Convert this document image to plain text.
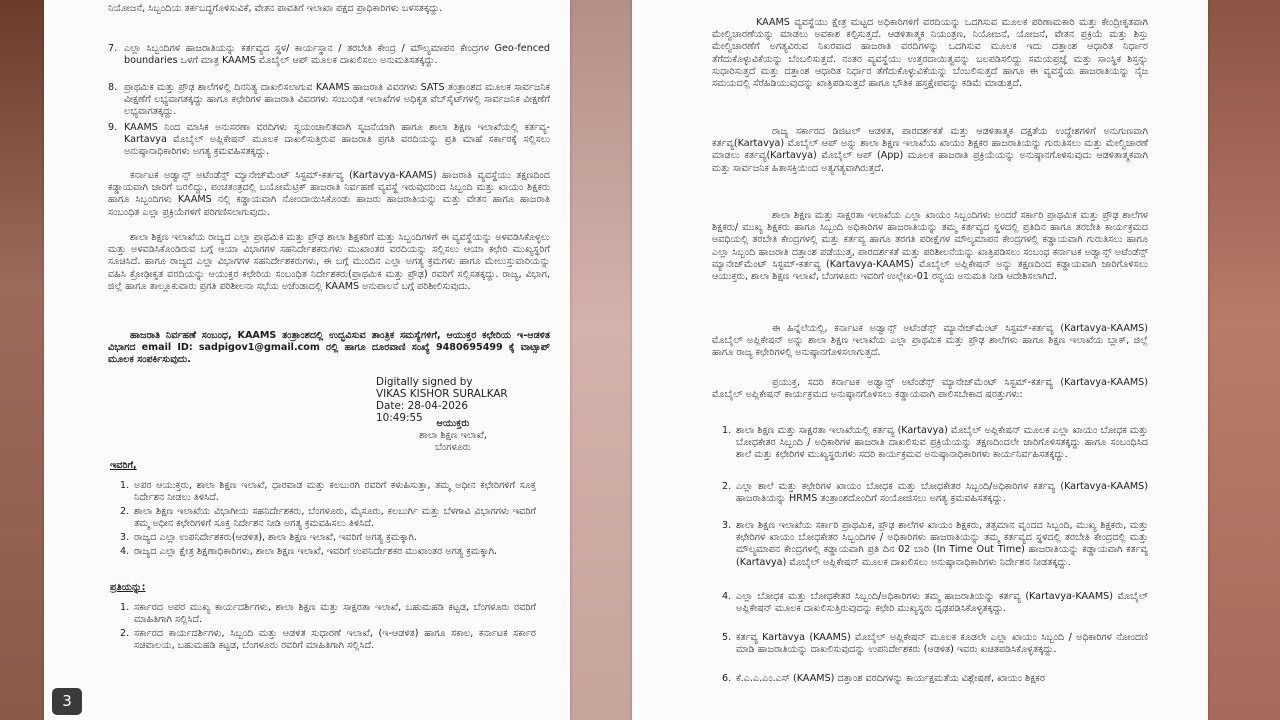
ನಿಯೋಜನೆ, ಸಿಬ್ಬಂದಿಯ ತರ್ಕಬದ್ಧಗೊಳಿಸುವಿಕೆ, ವೇತನ ಪಾವತಿಗೆ ಇಲಾಖಾ ಪಕ್ಷದ ಪ್ರಾಧಿಕಾರಿಗಳು ಬಳಸತಕ್ಕದ್ದು.
7. ಎಲ್ಲಾ ಸಿಬ್ಬಂದಿಗಳ ಹಾಜರಾತಿಯನ್ನು ಕರ್ತವ್ಯದ ಸ್ಥಳ/ ಕಾರ್ಯಸ್ಥಾನ / ತರಬೇತಿ ಕೇಂದ್ರ / ಮೌಲ್ಯಮಾಪನ ಕೇಂದ್ರಗಳ Geo-fenced boundaries ಒಳಗೆ ಮಾತ್ರ KAAMS ಮೊಬೈಲ್ ಆಪ್ ಮೂಲಕ ದಾಖಲಿಸಲು ಅನುಮತಿಸತಕ್ಕದ್ದು.
8. ಪ್ರಾಥಮಿಕ ಮತ್ತು ಪ್ರೌಢ ಶಾಲೆಗಳಲ್ಲಿ ದಿನನಿತ್ಯ ದಾಖಲಿಸಲಾಗುವ KAAMS ಹಾಜರಾತಿ ವಿವರಗಳು SATS ತಂತ್ರಾಂಶದ ಮೂಲಕ ಸಾರ್ವಜನಿಕ ವೀಕ್ಷಣೆಗೆ ಲಭ್ಯವಾಗತಕ್ಕದ್ದು ಹಾಗೂ ಕಛೇರಿಗಳ ಹಾಜರಾತಿ ವಿವರಗಳು ಸಂಬಂಧಿತ ಇಲಾಖೆಗಳ ಅಧಿಕೃತ ವೆಬ್‌ಸೈಟ್‌ಗಳಲ್ಲಿ ಸಾರ್ವಜನಿಕ ವೀಕ್ಷಣೆಗೆ ಲಭ್ಯವಾಗತಕ್ಕದ್ದು.
9. KAAMS ನಿಂದ ಮಾಸಿಕ ಅನುಸರಣಾ ವರದಿಗಳು ಸ್ವಯಂಚಾಲಿತವಾಗಿ ಸೃಜನೆಯಾಗಿ ಹಾಗೂ ಶಾಲಾ ಶಿಕ್ಷಣ ಇಲಾಖೆಯಲ್ಲಿ ಕರ್ತವ್ಯ-Kartavya ಮೊಬೈಲ್ ಅಪ್ಲಿಕೇಷನ್ ಮೂಲಕ ದಾಖಲಿಸುತ್ತಿರುವ ಹಾಜರಾತಿ ಪ್ರಗತಿ ವರದಿಯನ್ನು ಪ್ರತಿ ಮಾಹೆ ಸರ್ಕಾರಕ್ಕೆ ಸಲ್ಲಿಸಲು ಅನುಷ್ಠಾನಾಧಿಕಾರಿಗಳು ಅಗತ್ಯ ಕ್ರಮವಹಿಸತಕ್ಕದ್ದು.
ಕರ್ನಾಟಕ ಅಡ್ವಾನ್ಸ್ ಅಟೆಂಡೆನ್ಸ್ ಮ್ಯಾನೇಜ್‌ಮೆಂಟ್ ಸಿಸ್ಟಮ್-ಕರ್ತವ್ಯ (Kartavya-KAAMS) ಹಾಜರಾತಿ ವ್ಯವಸ್ಥೆಯು ತಕ್ಷಣದಿಂದ ಕಡ್ಡಾಯವಾಗಿ ಜಾರಿಗೆ ಬರಲಿದ್ದು, ಪಂಚತಂತ್ರದಲ್ಲಿ ಬಯೋಮೆಟ್ರಿಕ್ ಹಾಜರಾತಿ ನಿರ್ವಹಣೆ ವ್ಯವಸ್ಥೆ ಇರುವುದರಿಂದ ಸಿಬ್ಬಂದಿ ಮತ್ತು ಖಾಯಂ ಶಿಕ್ಷಕರು ಹಾಗೂ ಸಿಬ್ಬಂದಿಗಳು KAAMS ನಲ್ಲಿ ಕಡ್ಡಾಯವಾಗಿ ನೋಂದಾಯಿಸಿಕೊಂಡು ಹಾಜರು ಹಾಜರಾತಿಯನ್ನು ಮತ್ತು ವೇತನ ಹಾಗೂ ಹಾಜರಾತಿ ಸಂಬಂಧಿತ ಎಲ್ಲಾ ಪ್ರಕ್ರಿಯೆಗಳಿಗೆ ಪರಿಗಣಿಸಲಾಗುವುದು.
ಶಾಲಾ ಶಿಕ್ಷಣ ಇಲಾಖೆಯ ರಾಜ್ಯದ ಎಲ್ಲಾ ಪ್ರಾಥಮಿಕ ಮತ್ತು ಪ್ರೌಢ ಶಾಲಾ ಶಿಕ್ಷಕರಿಗೆ ಮತ್ತು ಸಿಬ್ಬಂದಿಗಳಿಗೆ ಈ ವ್ಯವಸ್ಥೆಯನ್ನು ಅಳವಡಿಸಿಕೊಳ್ಳಲು ಮತ್ತು ಅಳವಡಿಸಿಕೊಂಡಿರುವ ಬಗ್ಗೆ ಆಯಾ ವಿಭಾಗಗಳ ಸಹನಿರ್ದೇಶಕರುಗಳು ಮುಖಾಂತರ ವರದಿಯನ್ನು ಸಲ್ಲಿಸಲು ಆಯಾ ಕಛೇರಿ ಮುಖ್ಯಸ್ಥರಿಗೆ ಸೂಚಿಸಿದೆ. ಹಾಗೂ ರಾಜ್ಯದ ಎಲ್ಲಾ ವಿಭಾಗಗಳ ಸಹನಿರ್ದೇಶಕರುಗಳು, ಈ ಬಗ್ಗೆ ಮುಂದಿನ ಎಲ್ಲಾ ಅಗತ್ಯ ಕ್ರಮಗಳು ಹಾಗೂ ಮೇಲುಸ್ತುವಾರಿಯನ್ನು ವಹಿಸಿ ಕ್ರೋಢೀಕೃತ ವರದಿಯನ್ನು ಆಯುಕ್ತರ ಕಛೇರಿಯ ಸಂಬಂಧಿತ ನಿರ್ದೇಶಕರು(ಪ್ರಾಥಮಿಕ ಮತ್ತು ಪ್ರೌಢ) ರವರಿಗೆ ಸಲ್ಲಿಸತಕ್ಕದ್ದು. ರಾಜ್ಯ, ವಿಭಾಗ, ಜಿಲ್ಲೆ ಹಾಗೂ ತಾಲ್ಲೂಕುವಾರು ಪ್ರಗತಿ ಪರಿಶೀಲನಾ ಸಭೆಯ ಅಜೆಂಡಾದಲ್ಲಿ KAAMS ಅನುಪಾಲನೆ ಬಗ್ಗೆ ಪರಿಶೀಲಿಸುವುದು.
ಹಾಜರಾತಿ ನಿರ್ವಹಣೆ ಸಂಬಂಧ, KAAMS ತಂತ್ರಾಂಶದಲ್ಲಿ ಉದ್ಭವಿಸುವ ತಾಂತ್ರಿಕ ಸಮಸ್ಯೆಗಳಿಗೆ, ಆಯುಕ್ತರ ಕಛೇರಿಯ ಇ-ಆಡಳಿತ ವಿಭಾಗದ email ID: sadpigov1@gmail.com ರಲ್ಲಿ ಹಾಗೂ ದೂರವಾಣಿ ಸಂಖ್ಯೆ 9480695499 ಕ್ಕೆ ವಾಟ್ಸಾಪ್ ಮೂಲಕ ಸಂಪರ್ಕಿಸುವುದು.
Digitally signed by
VIKAS KISHOR SURALKAR
Date: 28-04-2026
10:49:55	ಆಯುಕ್ತರು
ಶಾಲಾ ಶಿಕ್ಷಣ ಇಲಾಖೆ,
ಬೆಂಗಳೂರು
ಇವರಿಗೆ,
1. ಅಪರ ಆಯುಕ್ತರು, ಶಾಲಾ ಶಿಕ್ಷಣ ಇಲಾಖೆ, ಧಾರವಾಡ ಮತ್ತು ಕಲಬುರಗಿ ರವರಿಗೆ ಕಳುಹಿಸುತ್ತಾ, ತಮ್ಮ ಅಧೀನ ಕಛೇರಿಗಳಿಗೆ ಸೂಕ್ತ ನಿರ್ದೇಶನ ನೀಡಲು ತಿಳಿಸಿದೆ.
2. ಶಾಲಾ ಶಿಕ್ಷಣ ಇಲಾಖೆಯ ವಿಭಾಗೀಯ ಸಹನಿರ್ದೇಶಕರು, ಬೆಂಗಳೂರು, ಮೈಸೂರು, ಕಲಬುರ್ಗಿ ಮತ್ತು ಬೆಳಗಾವಿ ವಿಭಾಗಗಳು ಇವರಿಗೆ ತಮ್ಮ ಅಧೀನ ಕಛೇರಿಗಳಿಗೆ ಸೂಕ್ತ ನಿರ್ದೇಶನ ನೀಡಿ ಅಗತ್ಯ ಕ್ರಮವಹಿಸಲು ತಿಳಿಸಿದೆ.
3. ರಾಜ್ಯದ ಎಲ್ಲಾ ಉಪನಿರ್ದೇಶಕರು(ಆಡಳಿತ), ಶಾಲಾ ಶಿಕ್ಷಣ ಇಲಾಖೆ, ಇವರಿಗೆ ಅಗತ್ಯ ಕ್ರಮಕ್ಕಾಗಿ.
4. ರಾಜ್ಯದ ಎಲ್ಲಾ ಕ್ಷೇತ್ರ ಶಿಕ್ಷಣಾಧಿಕಾರಿಗಳು, ಶಾಲಾ ಶಿಕ್ಷಣ ಇಲಾಖೆ, ಇವರಿಗೆ ಉಪನಿರ್ದೇಶಕರ ಮುಖಾಂತರ ಅಗತ್ಯ ಕ್ರಮಕ್ಕಾಗಿ.
ಪ್ರತಿಯನ್ನು:
1. ಸರ್ಕಾರದ ಅಪರ ಮುಖ್ಯ ಕಾರ್ಯದರ್ಶಿಗಳು, ಶಾಲಾ ಶಿಕ್ಷಣ ಮತ್ತು ಸಾಕ್ಷರತಾ ಇಲಾಖೆ, ಬಹುಮಹಡಿ ಕಟ್ಟಡ, ಬೆಂಗಳೂರು ರವರಿಗೆ ಮಾಹಿತಿಗಾಗಿ ಸಲ್ಲಿಸಿದೆ.
2. ಸರ್ಕಾರದ ಕಾರ್ಯದರ್ಶಿಗಳು, ಸಿಬ್ಬಂದಿ ಮತ್ತು ಆಡಳಿತ ಸುಧಾರಣೆ ಇಲಾಖೆ, (ಇ-ಆಡಳಿತ) ಹಾಗೂ ಸಕಾಲ, ಕರ್ನಾಟಕ ಸರ್ಕಾರ ಸಚಿವಾಲಯ, ಬಹುಮಹಡಿ ಕಟ್ಟಡ, ಬೆಂಗಳೂರು ರವರಿಗೆ ಮಾಹಿತಿಗಾಗಿ ಸಲ್ಲಿಸಿದೆ.
KAAMS ವ್ಯವಸ್ಥೆಯು ಕ್ಷೇತ್ರ ಮಟ್ಟದ ಅಧಿಕಾರಿಗಳಿಗೆ ವರದಿಯನ್ನು ಒದಗಿಸುವ ಮೂಲಕ ಪರಿಣಾಮಕಾರಿ ಮತ್ತು ಕೇಂದ್ರೀಕೃತವಾಗಿ ಮೇಲ್ವಿಚಾರಣೆಯನ್ನು ಮಾಡಲು ಅವಕಾಶ ಕಲ್ಪಿಸುತ್ತದೆ. ಆಡಳಿತಾತ್ಮಕ ನಿಯಂತ್ರಣ, ನಿಯೋಜನೆ, ಯೋಜನೆ, ವೇತನ ಪ್ರಕ್ರಿಯೆ ಮತ್ತು ಶಿಸ್ತು ಮೇಲ್ವಿಚಾರಣೆಗೆ ಅಗತ್ಯವಿರುವ ನಿಖರವಾದ ಹಾಜರಾತಿ ವರದಿಗಳನ್ನು ಒದಗಿಸುವ ಮೂಲಕ ಇದು ದತ್ತಾಂಶ ಆಧಾರಿತ ನಿರ್ಧಾರ ತೆಗೆದುಕೊಳ್ಳುವಿಕೆಯನ್ನು ಬೆಂಬಲಿಸುತ್ತದೆ. ನಂತರ ವ್ಯವಸ್ಥೆಯು ಉತ್ತರದಾಯಿತ್ವವನ್ನು ಬಲಪಡಿಸಲಿದ್ದು ಸಮಯಪ್ರಜ್ಞೆ ಮತ್ತು ಸಾಂಸ್ಥಿಕ ಶಿಸ್ತನ್ನು ಸುಧಾರಿಸುತ್ತದೆ ಮತ್ತು ದತ್ತಾಂಶ ಆಧಾರಿತ ನಿರ್ಧಾರ ತೆಗೆದುಕೊಳ್ಳುವಿಕೆಯನ್ನು ಬೆಂಬಲಿಸುತ್ತದೆ ಹಾಗೂ ಈ ವ್ಯವಸ್ಥೆಯ ಹಾಜರಾತಿಯನ್ನು ನೈಜ ಸಮಯದಲ್ಲಿ ಸೆರೆಹಿಡಿಯುವುದನ್ನು ಖಾತ್ರಿಪಡಿಸುತ್ತದೆ ಹಾಗೂ ಭೌತಿಕ ಹಸ್ತಕ್ಷೇಪವನ್ನು ಕಡಿಮೆ ಮಾಡುತ್ತದೆ.
ರಾಜ್ಯ ಸರ್ಕಾರದ ಡಿಜಿಟಲ್ ಆಡಳಿತ, ಪಾರದರ್ಶಕತೆ ಮತ್ತು ಆಡಳಿತಾತ್ಮಕ ದಕ್ಷತೆಯ ಉದ್ದೇಶಗಳಿಗೆ ಅನುಗುಣವಾಗಿ ಕರ್ತವ್ಯ(Kartavya) ಮೊಬೈಲ್ ಆಪ್ ಅನ್ನು ಶಾಲಾ ಶಿಕ್ಷಣ ಇಲಾಖೆಯ ಖಾಯಂ ಶಿಕ್ಷಕರ ಹಾಜರಾತಿಯನ್ನು ಗುರುತಿಸಲು ಮತ್ತು ಮೇಲ್ವಿಚಾರಣೆ ಮಾಡಲು ಕರ್ತವ್ಯ(Kartavya) ಮೊಬೈಲ್ ಆಪ್ (App) ಮೂಲಕ ಹಾಜರಾತಿ ಪ್ರಕ್ರಿಯೆಯನ್ನು ಅನುಷ್ಠಾನಗೊಳಿಸುವುದು ಆಡಳಿತಾತ್ಮಕವಾಗಿ ಮತ್ತು ಸಾರ್ವಜನಿಕ ಹಿತಾಸಕ್ತಿಯಿಂದ ಅತ್ಯಗತ್ಯವಾಗಿರುತ್ತದೆ.
ಶಾಲಾ ಶಿಕ್ಷಣ ಮತ್ತು ಸಾಕ್ಷರತಾ ಇಲಾಖೆಯ ಎಲ್ಲಾ ಖಾಯಂ ಸಿಬ್ಬಂದಿಗಳು ಅಂದರೆ ಸರ್ಕಾರಿ ಪ್ರಾಥಮಿಕ ಮತ್ತು ಪ್ರೌಢ ಶಾಲೆಗಳ ಶಿಕ್ಷಕರು/ ಮುಖ್ಯ ಶಿಕ್ಷಕರು ಹಾಗೂ ಸಿಬ್ಬಂದಿ ಅಧಿಕಾರಿಗಳ ಹಾಜರಾತಿಯನ್ನು ತಮ್ಮ ಕರ್ತವ್ಯದ ಸ್ಥಳದಲ್ಲಿ ಪ್ರತಿದಿನ ಹಾಗೂ ತರಬೇತಿ ಕಾರ್ಯಕ್ರಮದ ಅವಧಿಯಲ್ಲಿ ತರಬೇತಿ ಕೇಂದ್ರಗಳಲ್ಲಿ ಮತ್ತು ಕರ್ತವ್ಯ ಹಾಗೂ ತರಗತಿ ಪರೀಕ್ಷೆಗಳ ಮೌಲ್ಯಮಾಪನ ಕೇಂದ್ರಗಳಲ್ಲಿ ಕಡ್ಡಾಯವಾಗಿ ಗುರುತಿಸಲು ಹಾಗೂ ಎಲ್ಲಾ ಸಿಬ್ಬಂದಿ ಹಾಜರಾತಿ ದತ್ತಾಂಶ ಪಡೆಯುತ್ತ, ಪಾರದರ್ಶಕತೆ ಮತ್ತು ಪರಿಶೀಲನೆಯನ್ನು ಖಾತ್ರಿಪಡಿಸಲು ಸಂಬಂಧ ಕರ್ನಾಟಕ ಅಡ್ವಾನ್ಸ್ ಅಟೆಂಡೆನ್ಸ್ ಮ್ಯಾನೇಜ್‌ಮೆಂಟ್ ಸಿಸ್ಟಮ್-ಕರ್ತವ್ಯ (Kartavya-KAAMS) ಮೊಬೈಲ್ ಅಪ್ಲಿಕೇಷನ್ ಅನ್ನು ತಕ್ಷಣದಿಂದ ಕಡ್ಡಾಯವಾಗಿ ಜಾರಿಗೊಳಿಸಲು ಆಯುಕ್ತರು, ಶಾಲಾ ಶಿಕ್ಷಣ ಇಲಾಖೆ, ಬೆಂಗಳೂರು ಇವರಿಗೆ ಉಲ್ಲೇಖ-01 ರನ್ವಯ ಅನುಮತಿ ನೀಡಿ ಆದೇಶಿಸಲಾಗಿದೆ.
ಈ ಹಿನ್ನೆಲೆಯಲ್ಲಿ, ಕರ್ನಾಟಕ ಅಡ್ವಾನ್ಸ್ ಅಟೆಂಡೆನ್ಸ್ ಮ್ಯಾನೇಜ್‌ಮೆಂಟ್ ಸಿಸ್ಟಮ್-ಕರ್ತವ್ಯ (Kartavya-KAAMS) ಮೊಬೈಲ್ ಅಪ್ಲಿಕೇಷನ್ ಅನ್ನು ಶಾಲಾ ಶಿಕ್ಷಣ ಇಲಾಖೆಯ ಎಲ್ಲಾ ಪ್ರಾಥಮಿಕ ಮತ್ತು ಪ್ರೌಢ ಶಾಲೆಗಳು ಹಾಗೂ ಶಿಕ್ಷಣ ಇಲಾಖೆಯ ಬ್ಲಾಕ್, ಜಿಲ್ಲೆ ಹಾಗೂ ರಾಜ್ಯ ಕಛೇರಿಗಳಲ್ಲಿ ಅನುಷ್ಠಾನಗೊಳಿಸಲಾಗುತ್ತದೆ.
ಪ್ರಯುಕ್ತ, ಸದರಿ ಕರ್ನಾಟಕ ಅಡ್ವಾನ್ಸ್ ಅಟೆಂಡೆನ್ಸ್ ಮ್ಯಾನೇಜ್‌ಮೆಂಟ್ ಸಿಸ್ಟಮ್-ಕರ್ತವ್ಯ (Kartavya-KAAMS) ಮೊಬೈಲ್ ಅಪ್ಲಿಕೇಷನ್ ಕಾರ್ಯಕ್ರಮದ ಅನುಷ್ಠಾನಗೊಳಿಸಲು ಕಡ್ಡಾಯವಾಗಿ ಪಾಲಿಸಬೇಕಾದ ಷರತ್ತುಗಳು:
1. ಶಾಲಾ ಶಿಕ್ಷಣ ಮತ್ತು ಸಾಕ್ಷರತಾ ಇಲಾಖೆಯಲ್ಲಿ ಕರ್ತವ್ಯ (Kartavya) ಮೊಬೈಲ್ ಅಪ್ಲಿಕೇಷನ್ ಮೂಲಕ ಎಲ್ಲಾ ಖಾಯಂ ಬೋಧಕ ಮತ್ತು ಬೋಧಕೇತರ ಸಿಬ್ಬಂದಿ / ಅಧಿಕಾರಿಗಳ ಹಾಜರಾತಿ ದಾಖಲಿಸುವ ಪ್ರಕ್ರಿಯೆಯನ್ನು ತಕ್ಷಣದಿಂದಲೇ ಜಾರಿಗೊಳಿಸತಕ್ಕದ್ದು ಹಾಗೂ ಸಂಬಂಧಿಸಿದ ಶಾಲೆ ಮತ್ತು ಕಛೇರಿಗಳ ಮುಖ್ಯಸ್ಥರುಗಳು ಸದರಿ ಕಾರ್ಯಕ್ರಮವ ಅನುಷ್ಠಾನಾಧಿಕಾರಿಗಳು ಕಾರ್ಯನಿರ್ವಹಿಸತಕ್ಕದ್ದು.
2. ಎಲ್ಲಾ ಶಾಲೆ ಮತ್ತು ಕಛೇರಿಗಳ ಖಾಯಂ ಬೋಧಕ ಮತ್ತು ಬೋಧಕೇತರ ಸಿಬ್ಬಂದಿ/ಅಧಿಕಾರಿಗಳ ಕರ್ತವ್ಯ (Kartavya-KAAMS) ಹಾಜರಾತಿಯನ್ನು HRMS ತಂತ್ರಾಂಶದೊಂದಿಗೆ ಸಂಯೋಜಿಸಲು ಅಗತ್ಯ ಕ್ರಮವಹಿಸತಕ್ಕದ್ದು.
3. ಶಾಲಾ ಶಿಕ್ಷಣ ಇಲಾಖೆಯ ಸರ್ಕಾರಿ ಪ್ರಾಥಮಿಕ, ಪ್ರೌಢ ಶಾಲೆಗಳ ಖಾಯಂ ಶಿಕ್ಷಕರು, ತತ್ಸಮಾನ ವೃಂದದ ಸಿಬ್ಬಂದಿ, ಮುಖ್ಯ ಶಿಕ್ಷಕರು, ಮತ್ತು ಕಛೇರಿಗಳ ಖಾಯಂ ಬೋಧಕೇತರ ಸಿಬ್ಬಂದಿಗಳ / ಅಧಿಕಾರಿಗಳು ಹಾಜರಾತಿಯನ್ನು ತಮ್ಮ ಕರ್ತವ್ಯದ ಸ್ಥಳದಲ್ಲಿ ತರಬೇತಿ ಕೇಂದ್ರದಲ್ಲಿ ಮತ್ತು ಮೌಲ್ಯಮಾಪನ ಕೇಂದ್ರಗಳಲ್ಲಿ ಕಡ್ಡಾಯವಾಗಿ ಪ್ರತಿ ದಿನ 02 ಬಾರಿ (In Time Out Time) ಹಾಜರಾತಿಯನ್ನು ಕಡ್ಡಾಯವಾಗಿ ಕರ್ತವ್ಯ (Kartavya) ಮೊಬೈಲ್ ಅಪ್ಲಿಕೇಷನ್ ಮೂಲಕ ದಾಖಲಿಸಲು ಅನುಷ್ಠಾನಾಧಿಕಾರಿಗಳು ನಿರ್ದೇಶನ ನೀಡತಕ್ಕದ್ದು.
4. ಎಲ್ಲಾ ಬೋಧಕ ಮತ್ತು ಬೋಧಕೇತರ ಸಿಬ್ಬಂದಿ/ಅಧಿಕಾರಿಗಳು ತಮ್ಮ ಹಾಜರಾತಿಯನ್ನು ಕರ್ತವ್ಯ (Kartavya-KAAMS) ಮೊಬೈಲ್ ಅಪ್ಲಿಕೇಷನ್ ಮೂಲಕ ದಾಖಲಿಸುತ್ತಿರುವುದನ್ನು ಕಛೇರಿ ಮುಖ್ಯಸ್ಥರು ದೃಢಪಡಿಸಿಕೊಳ್ಳತಕ್ಕದ್ದು.
5. ಕರ್ತವ್ಯ Kartavya (KAAMS) ಮೊಬೈಲ್ ಅಪ್ಲಿಕೇಷನ್ ಮೂಲಕ ಕೂಡಲೇ ಎಲ್ಲಾ ಖಾಯಂ ಸಿಬ್ಬಂದಿ / ಅಧಿಕಾರಿಗಳ ನೋಂದಣಿ ಮಾಡಿ ಹಾಜರಾತಿಯನ್ನು ದಾಖಲಿಸುವುದನ್ನು ಉಪನಿರ್ದೇಶಕರು (ಆಡಳಿತ) ಇವರು ಖಚಿತಪಡಿಸಿಕೊಳ್ಳತಕ್ಕದ್ದು.
6. ಕೆ.ಎ.ಎ.ಎಂ.ಎಸ್ (KAAMS) ದತ್ತಾಂಶ ವರದಿಗಳನ್ನು ಕಾರ್ಯಕ್ಷಮತೆಯ ವಿಶ್ಲೇಷಣೆ, ಖಾಯಂ ಶಿಕ್ಷಕರ
3
